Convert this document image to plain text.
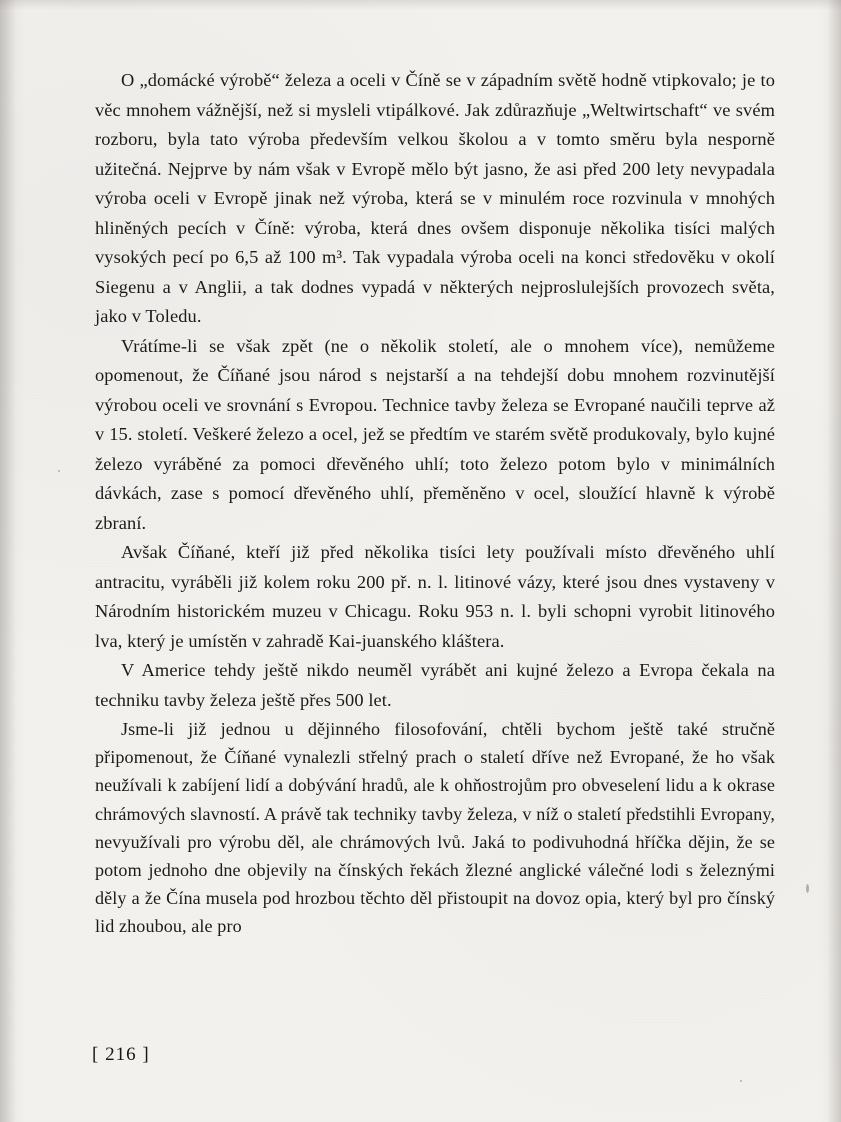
O „domácké výrobě“ železa a oceli v Číně se v západním světě hodně vtipkovalo; je to věc mnohem vážnější, než si mysleli vtipálkové. Jak zdůrazňuje „Weltwirtschaft“ ve svém rozboru, byla tato výroba především velkou školou a v tomto směru byla nesporně užitečná. Nejprve by nám však v Evropě mělo být jasno, že asi před 200 lety nevypadala výroba oceli v Evropě jinak než výroba, která se v minulém roce rozvinula v mnohých hliněných pecích v Číně: výroba, která dnes ovšem disponuje několika tisíci malých vysokých pecí po 6,5 až 100 m³. Tak vypadala výroba oceli na konci středověku v okolí Siegenu a v Anglii, a tak dodnes vypadá v některých nejproslulejších provozech světa, jako v Toledu.

Vrátíme-li se však zpět (ne o několik století, ale o mnohem více), nemůžeme opomenout, že Číňané jsou národ s nejstarší a na tehdejší dobu mnohem rozvinutější výrobou oceli ve srovnání s Evropou. Technice tavby železa se Evropané naučili teprve až v 15. století. Veškeré železo a ocel, jež se předtím ve starém světě produkovaly, bylo kujné železo vyráběné za pomoci dřevěného uhlí; toto železo potom bylo v minimálních dávkách, zase s pomocí dřevěného uhlí, přeměněno v ocel, sloužící hlavně k výrobě zbraní.

Avšak Číňané, kteří již před několika tisíci lety používali místo dřevěného uhlí antracitu, vyráběli již kolem roku 200 př. n. l. litinové vázy, které jsou dnes vystaveny v Národním historickém muzeu v Chicagu. Roku 953 n. l. byli schopni vyrobit litinového lva, který je umístěn v zahradě Kai-juanského kláštera.

V Americe tehdy ještě nikdo neuměl vyrábět ani kujné železo a Evropa čekala na techniku tavby železa ještě přes 500 let.

Jsme-li již jednou u dějinného filosofování, chtěli bychom ještě také stručně připomenout, že Číňané vynalezli střelný prach o staletí dříve než Evropané, že ho však neužívali k zabíjení lidí a dobývání hradů, ale k ohňostrojům pro obveselení lidu a k okrase chrámových slavností. A právě tak techniky tavby železa, v níž o staletí předstihli Evropany, nevyužívali pro výrobu děl, ale chrámových lvů. Jaká to podivuhodná hříčka dějin, že se potom jednoho dne objevily na čínských řekách žlezné anglické válečné lodi s železnými děly a že Čína musela pod hrozbou těchto děl přistoupit na dovoz opia, který byl pro čínský lid zhoubou, ale pro

[ 216 ]
